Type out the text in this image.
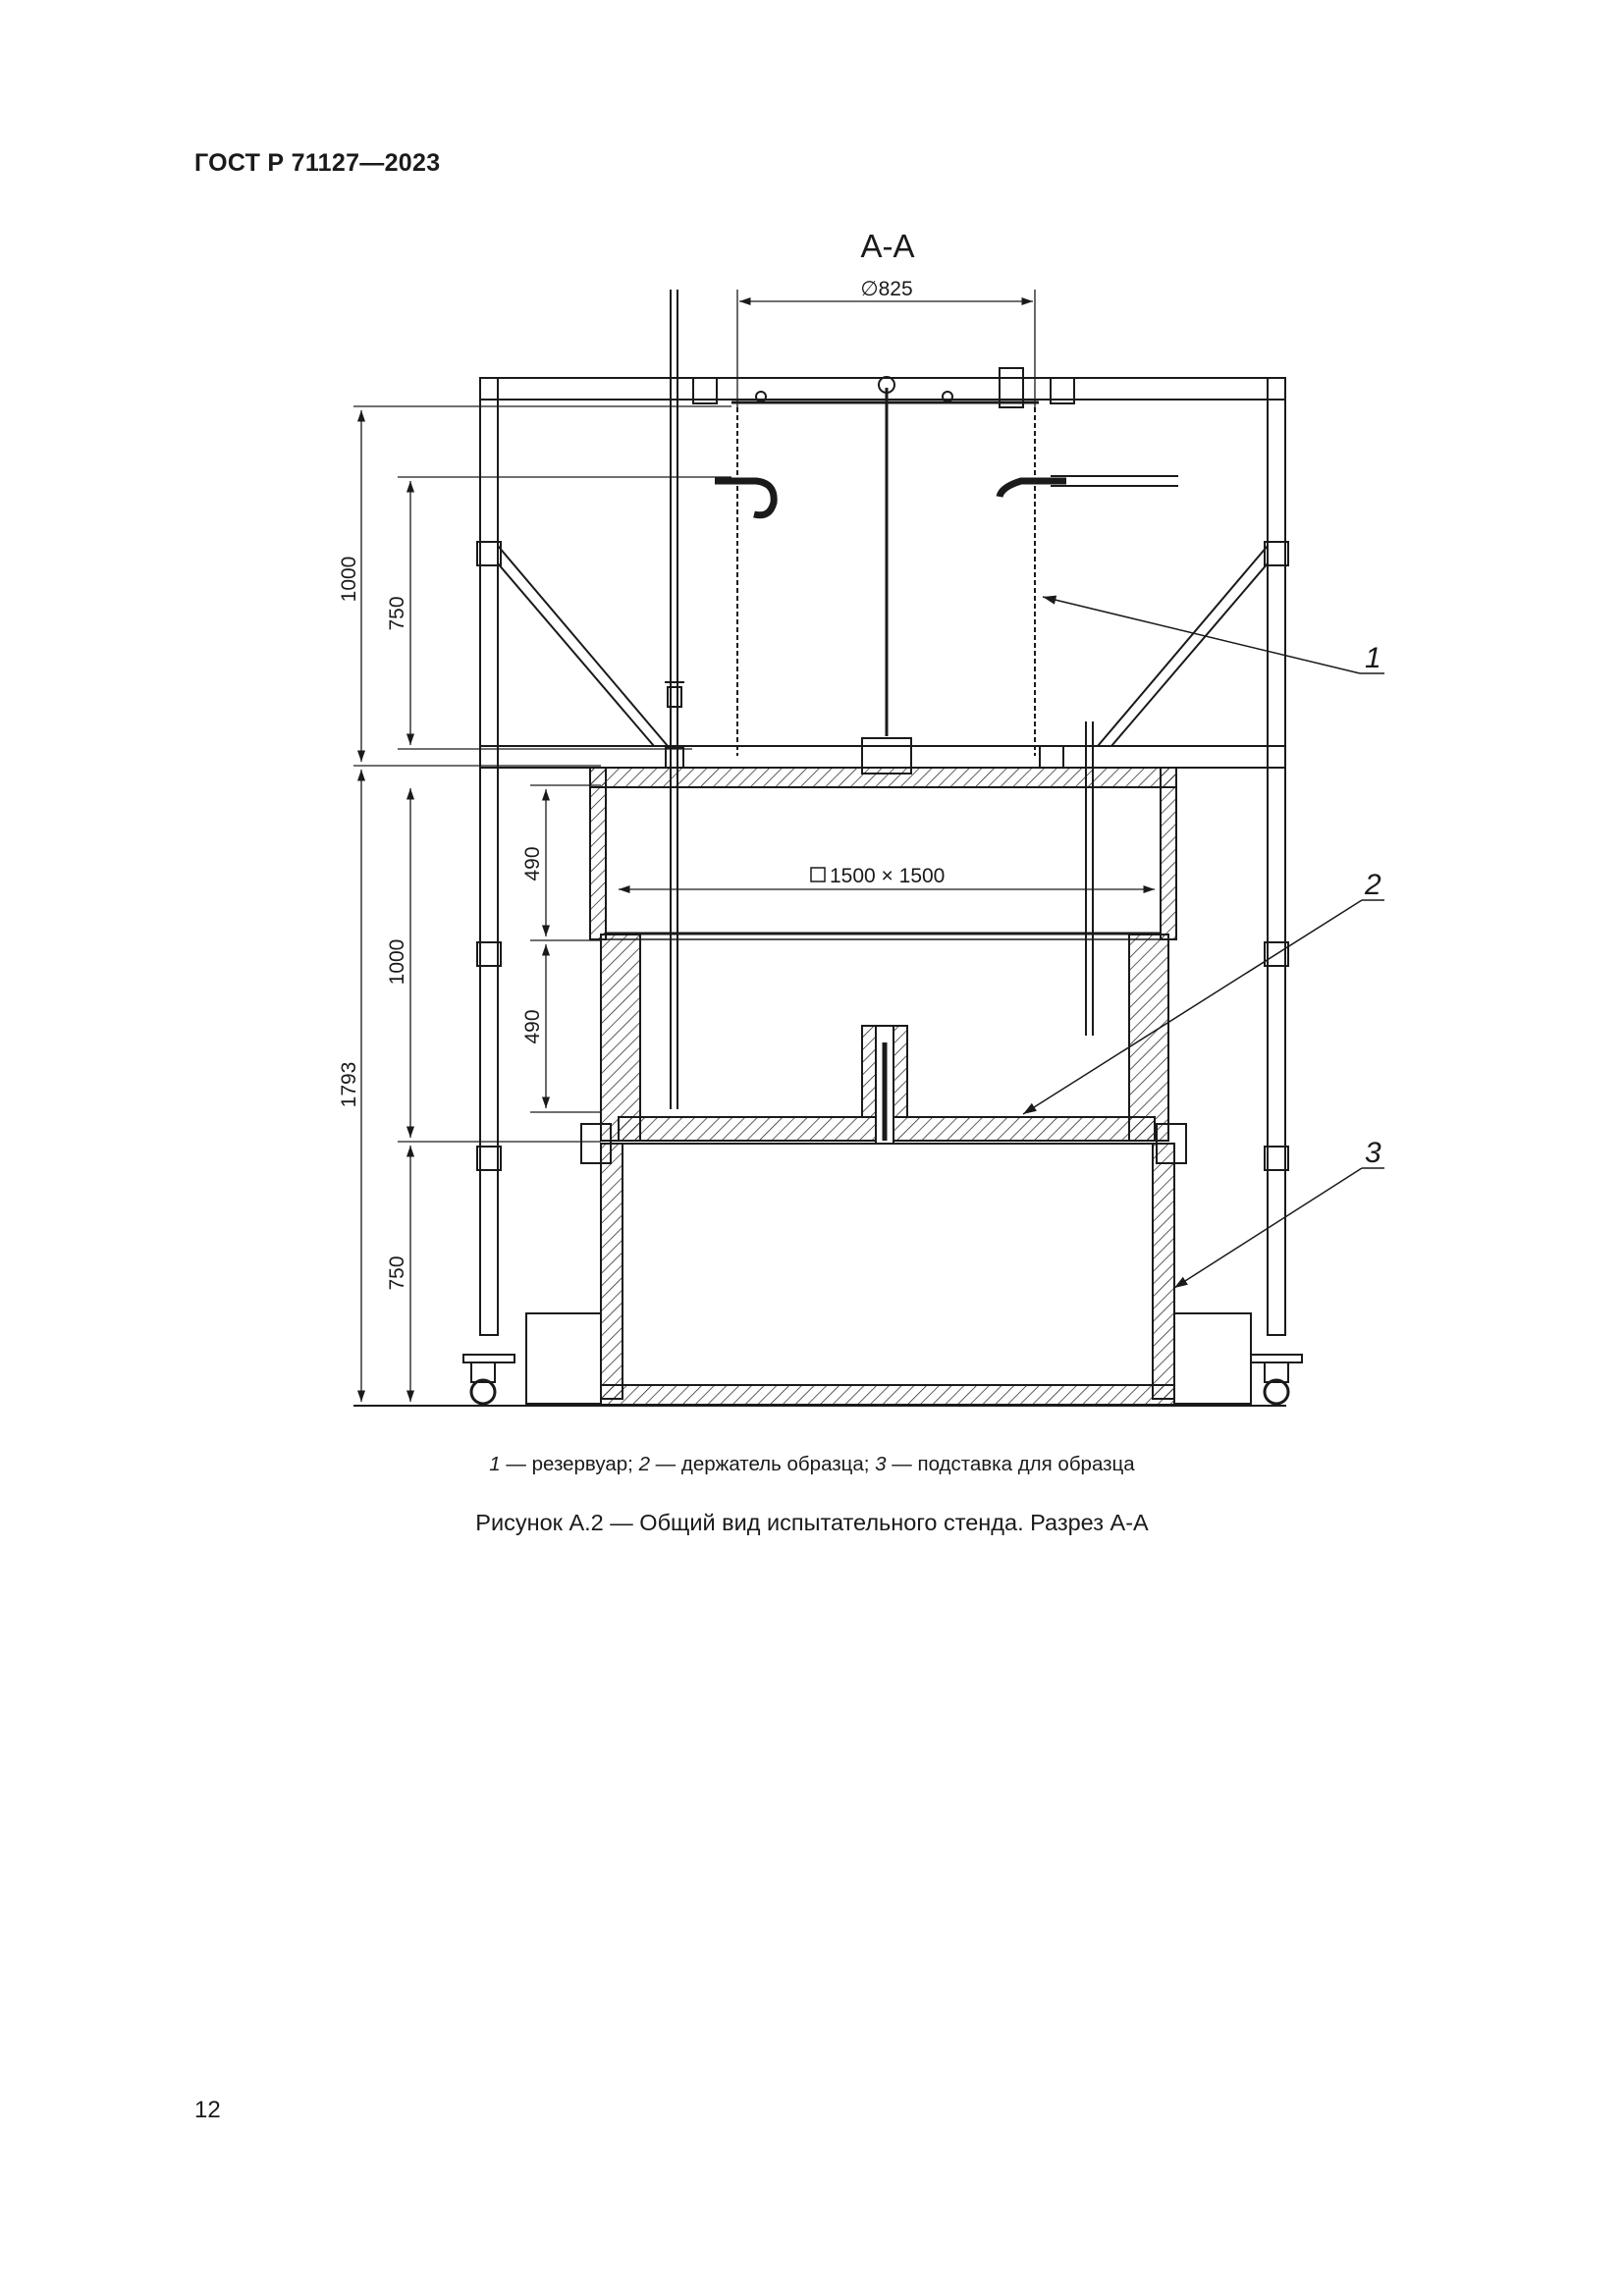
ГОСТ Р 71127—2023
А-А
∅825
1000
1793
750
1000
750
490
490
1500 × 1500
1
2
3
1 — резервуар; 2 — держатель образца; 3 — подставка для образца
Рисунок А.2 — Общий вид испытательного стенда. Разрез А-А
12
